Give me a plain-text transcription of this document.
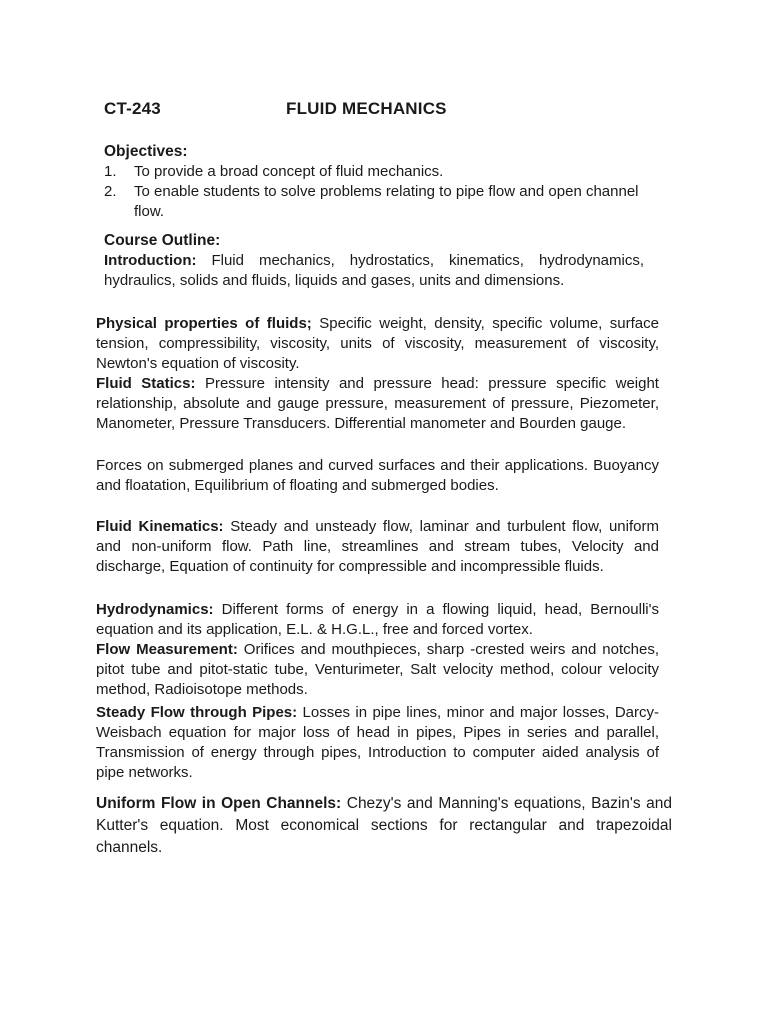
CT-243	FLUID MECHANICS
Objectives:
1.	To provide a broad concept of fluid mechanics.
2.	To enable students to solve problems relating to pipe flow and open channel flow.
Course Outline:

Introduction: Fluid mechanics, hydrostatics, kinematics, hydrodynamics, hydraulics, solids and fluids, liquids and gases, units and dimensions.

Physical properties of fluids; Specific weight, density, specific volume, surface tension, compressibility, viscosity, units of viscosity, measurement of viscosity, Newton's equation of viscosity.

Fluid Statics: Pressure intensity and pressure head: pressure specific weight relationship, absolute and gauge pressure, measurement of pressure, Piezometer, Manometer, Pressure Transducers. Differential manometer and Bourden gauge.

Forces on submerged planes and curved surfaces and their applications. Buoyancy and floatation, Equilibrium of floating and submerged bodies.

Fluid Kinematics: Steady and unsteady flow, laminar and turbulent flow, uniform and non-uniform flow. Path line, streamlines and stream tubes, Velocity and discharge, Equation of continuity for compressible and incompressible fluids.

Hydrodynamics: Different forms of energy in a flowing liquid, head, Bernoulli's equation and its application, E.L. & H.G.L., free and forced vortex.

Flow Measurement: Orifices and mouthpieces, sharp -crested weirs and notches, pitot tube and pitot-static tube, Venturimeter, Salt velocity method, colour velocity method, Radioisotope methods.

Steady Flow through Pipes: Losses in pipe lines, minor and major losses, Darcy-Weisbach equation for major loss of head in pipes, Pipes in series and parallel, Transmission of energy through pipes, Introduction to computer aided analysis of pipe networks.

Uniform Flow in Open Channels: Chezy's and Manning's equations, Bazin's and Kutter's equation. Most economical sections for rectangular and trapezoidal channels.
